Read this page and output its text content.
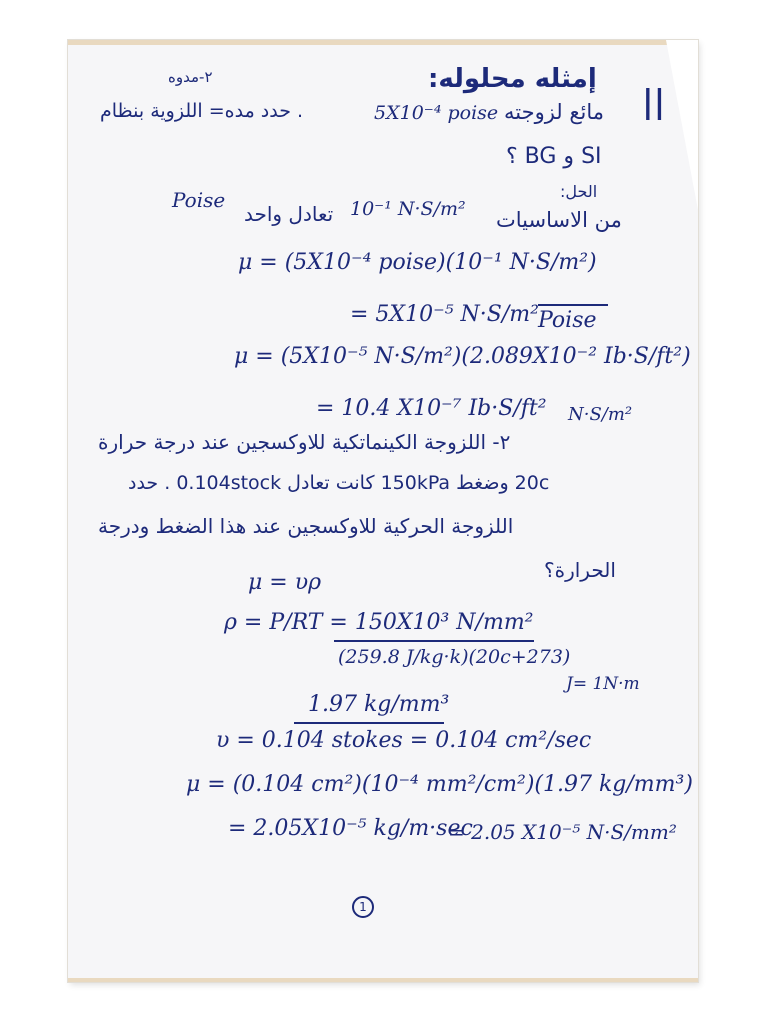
إمثله محلوله:
٢-مدوه
||
مائع لزوجته
5X10⁻⁴ poise
. حدد مده= اللزوية بنظام
SI و BG ؟
الحل:
من الاساسيات
10⁻¹ N·S/m²
تعادل واحد
Poise
μ = (5X10⁻⁴ poise)(10⁻¹ N·S/m²)
Poise
= 5X10⁻⁵ N·S/m²
μ = (5X10⁻⁵ N·S/m²)(2.089X10⁻² Ib·S/ft²)
= 10.4 X10⁻⁷ Ib·S/ft² N·S/m²
٢- اللزوجة الكينماتكية للاوكسجين عند درجة حرارة
20c وضغط 150kPa كانت تعادل 0.104stock . حدد
اللزوجة الحركية للاوكسجين عند هذا الضغط ودرجة
الحرارة؟
μ = υρ
ρ = P/RT = 150X10³ N/mm²
(259.8 J/kg·k)(20c+273)
J= 1N·m
1.97 kg/mm³
υ = 0.104 stokes = 0.104 cm²/sec
μ = (0.104 cm²)(10⁻⁴ mm²/cm²)(1.97 kg/mm³)
= 2.05X10⁻⁵ kg/m·sec
= 2.05 X10⁻⁵ N·S/mm²
1
